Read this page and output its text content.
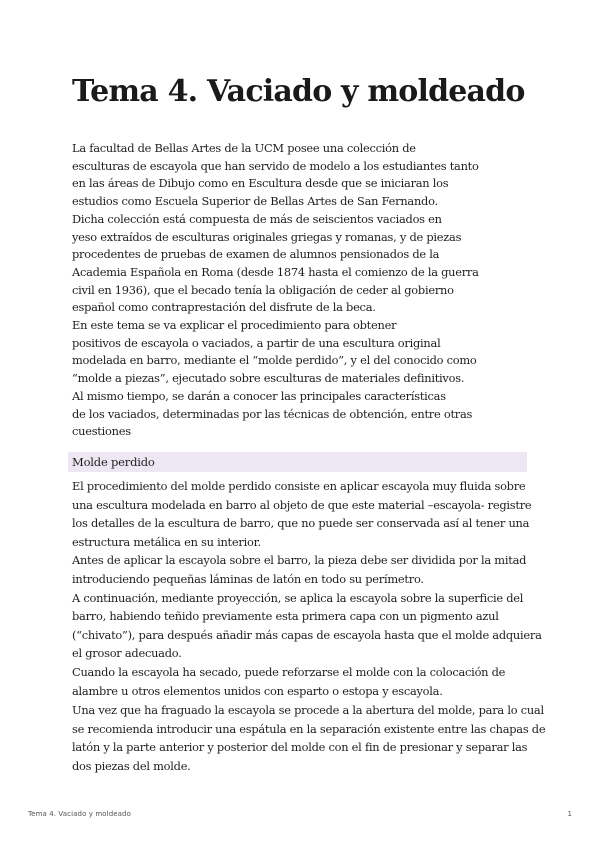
Tema 4. Vaciado y moldeado
La facultad de Bellas Artes de la UCM posee una colección de
esculturas de escayola que han servido de modelo a los estudiantes tanto
en las áreas de Dibujo como en Escultura desde que se iniciaran los
estudios como Escuela Superior de Bellas Artes de San Fernando.
Dicha colección está compuesta de más de seiscientos vaciados en
yeso extraídos de esculturas originales griegas y romanas, y de piezas
procedentes de pruebas de examen de alumnos pensionados de la
Academia Española en Roma (desde 1874 hasta el comienzo de la guerra
civil en 1936), que el becado tenía la obligación de ceder al gobierno
español como contraprestación del disfrute de la beca.
En este tema se va explicar el procedimiento para obtener
positivos de escayola o vaciados, a partir de una escultura original
modelada en barro, mediante el “molde perdido”, y el del conocido como
“molde a piezas”, ejecutado sobre esculturas de materiales definitivos.
Al mismo tiempo, se darán a conocer las principales características
de los vaciados, determinadas por las técnicas de obtención, entre otras
cuestiones
Molde perdido
El procedimiento del molde perdido consiste en aplicar escayola muy fluida sobre
una escultura modelada en barro al objeto de que este material –escayola- registre
los detalles de la escultura de barro, que no puede ser conservada así al tener una
estructura metálica en su interior.
Antes de aplicar la escayola sobre el barro, la pieza debe ser dividida por la mitad
introduciendo pequeñas láminas de latón en todo su perímetro.
A continuación, mediante proyección, se aplica la escayola sobre la superficie del
barro, habiendo teñido previamente esta primera capa con un pigmento azul
(“chivato”), para después añadir más capas de escayola hasta que el molde adquiera
el grosor adecuado.
Cuando la escayola ha secado, puede reforzarse el molde con la colocación de
alambre u otros elementos unidos con esparto o estopa y escayola.
Una vez que ha fraguado la escayola se procede a la abertura del molde, para lo cual
se recomienda introducir una espátula en la separación existente entre las chapas de
latón y la parte anterior y posterior del molde con el fin de presionar y separar las
dos piezas del molde.
Tema 4. Vaciado y moldeado	1
